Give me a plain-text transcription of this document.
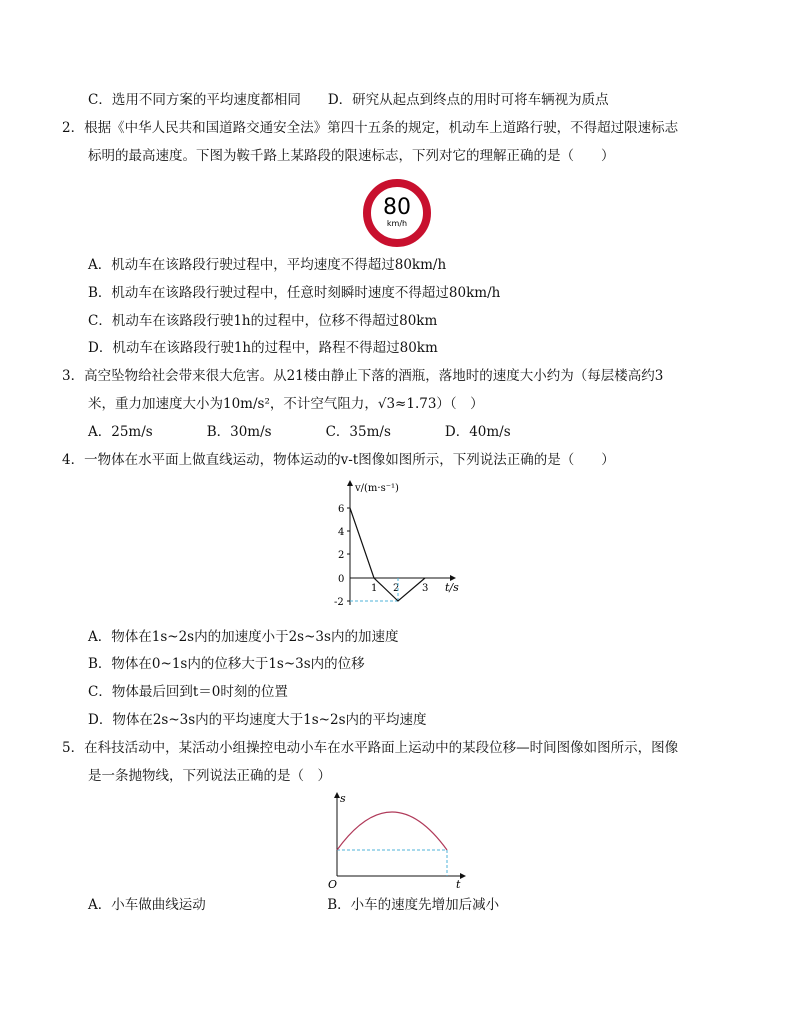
C．选用不同方案的平均速度都相同　　D．研究从起点到终点的用时可将车辆视为质点
2．根据《中华人民共和国道路交通安全法》第四十五条的规定，机动车上道路行驶，不得超过限速标志
标明的最高速度。下图为鞍千路上某路段的限速标志，下列对它的理解正确的是（　　）
80
km/h
A．机动车在该路段行驶过程中，平均速度不得超过80km/h
B．机动车在该路段行驶过程中，任意时刻瞬时速度不得超过80km/h
C．机动车在该路段行驶1h的过程中，位移不得超过80km
D．机动车在该路段行驶1h的过程中，路程不得超过80km
3．高空坠物给社会带来很大危害。从21楼由静止下落的酒瓶，落地时的速度大小约为（每层楼高约3
米，重力加速度大小为10m/s²，不计空气阻力，√3≈1.73）（　）
A．25m/s　　　　B．30m/s　　　　C．35m/s　　　　D．40m/s
4．一物体在水平面上做直线运动，物体运动的v-t图像如图所示，下列说法正确的是（　　）
v/(m·s⁻¹)
t/s
6
4
2
0
-2
1 2 3
A．物体在1s~2s内的加速度小于2s~3s内的加速度
B．物体在0~1s内的位移大于1s~3s内的位移
C．物体最后回到t＝0时刻的位置
D．物体在2s~3s内的平均速度大于1s~2s内的平均速度
5．在科技活动中，某活动小组操控电动小车在水平路面上运动中的某段位移—时间图像如图所示，图像
是一条抛物线，下列说法正确的是（　）
s
t
O
A．小车做曲线运动　　　　　　　　　B．小车的速度先增加后减小
